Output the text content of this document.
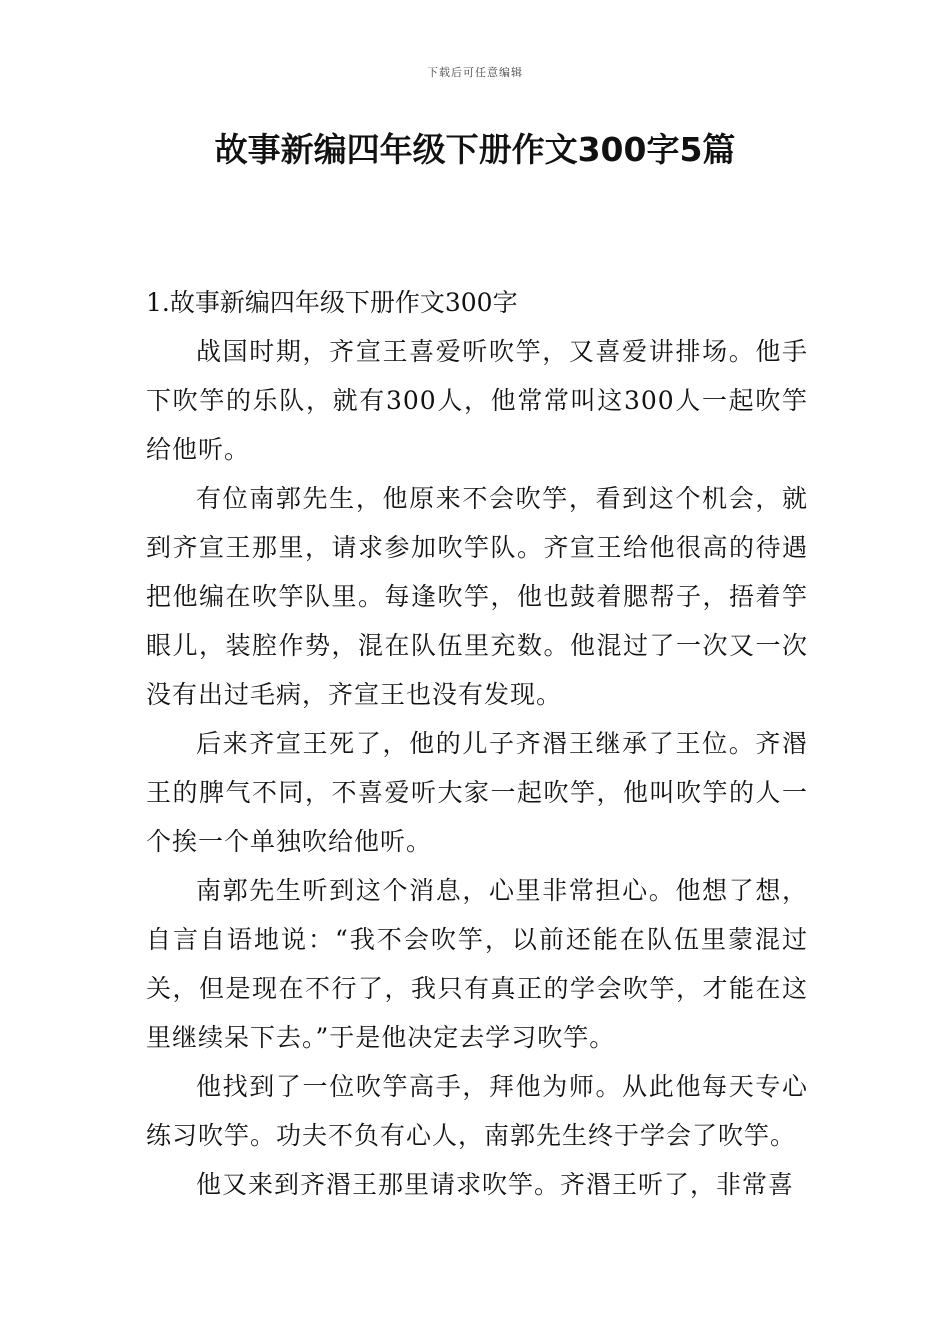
下载后可任意编辑
故事新编四年级下册作文300字5篇
1.故事新编四年级下册作文300字

战国时期，齐宣王喜爱听吹竽，又喜爱讲排场。他手下吹竽的乐队，就有300人，他常常叫这300人一起吹竽给他听。

有位南郭先生，他原来不会吹竽，看到这个机会，就到齐宣王那里，请求参加吹竽队。齐宣王给他很高的待遇把他编在吹竽队里。每逢吹竽，他也鼓着腮帮子，捂着竽眼儿，装腔作势，混在队伍里充数。他混过了一次又一次没有出过毛病，齐宣王也没有发现。

后来齐宣王死了，他的儿子齐湣王继承了王位。齐湣王的脾气不同，不喜爱听大家一起吹竽，他叫吹竽的人一个挨一个单独吹给他听。

南郭先生听到这个消息，心里非常担心。他想了想，自言自语地说：“我不会吹竽，以前还能在队伍里蒙混过关，但是现在不行了，我只有真正的学会吹竽，才能在这里继续呆下去。”于是他决定去学习吹竽。

他找到了一位吹竽高手，拜他为师。从此他每天专心练习吹竽。功夫不负有心人，南郭先生终于学会了吹竽。

他又来到齐湣王那里请求吹竽。齐湣王听了，非常喜
